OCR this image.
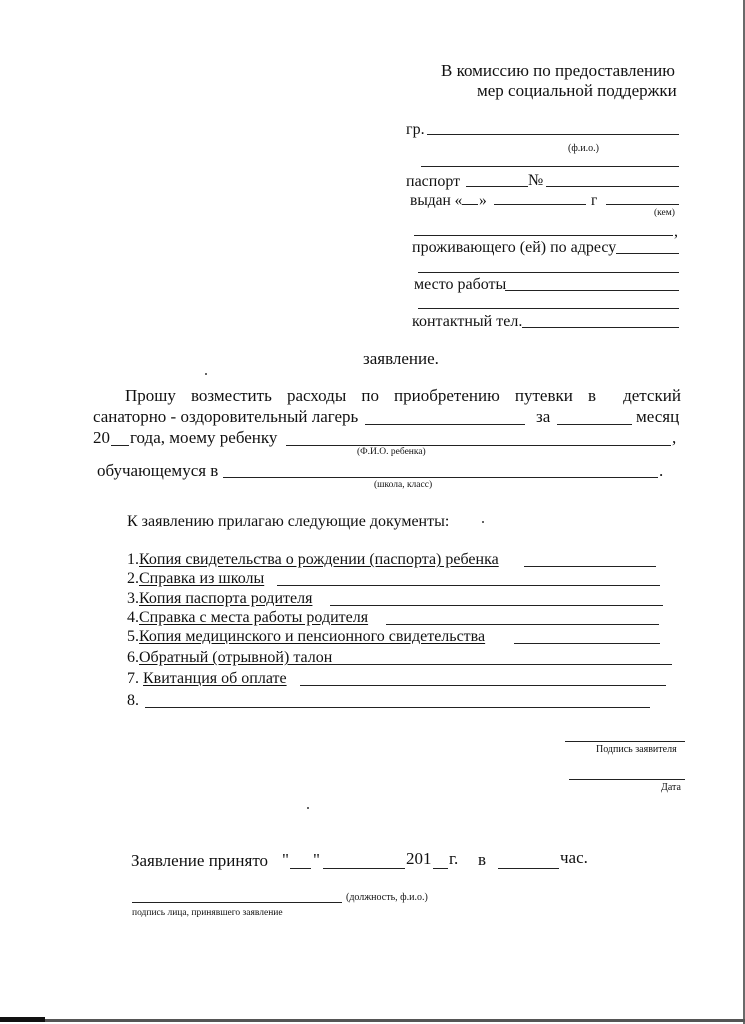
В комиссию по предоставлению
мер социальной поддержки
гр.
(ф.и.о.)
паспорт	№
выдан « »	г
(кем)
,
проживающего (ей) по адресу
место работы
контактный тел.
заявление.
Прошу возместить расходы по приобретению путевки в детский
санаторно - оздоровительный лагерь	за	месяц
20 года, моему ребенку	,
(Ф.И.О. ребенка)
обучающемуся в	.
(школа, класс)
К заявлению прилагаю следующие документы:
1.Копия свидетельства о рождении (паспорта) ребенка
2.Справка из школы
3.Копия паспорта родителя
4.Справка с места работы родителя
5.Копия медицинского и пенсионного свидетельства
6.Обратный (отрывной) талон
7. Квитанция об оплате
8.
Подпись заявителя
Дата
Заявление принято " "	201 г. в	час.
(должность, ф.и.о.)
подпись лица, принявшего заявление
